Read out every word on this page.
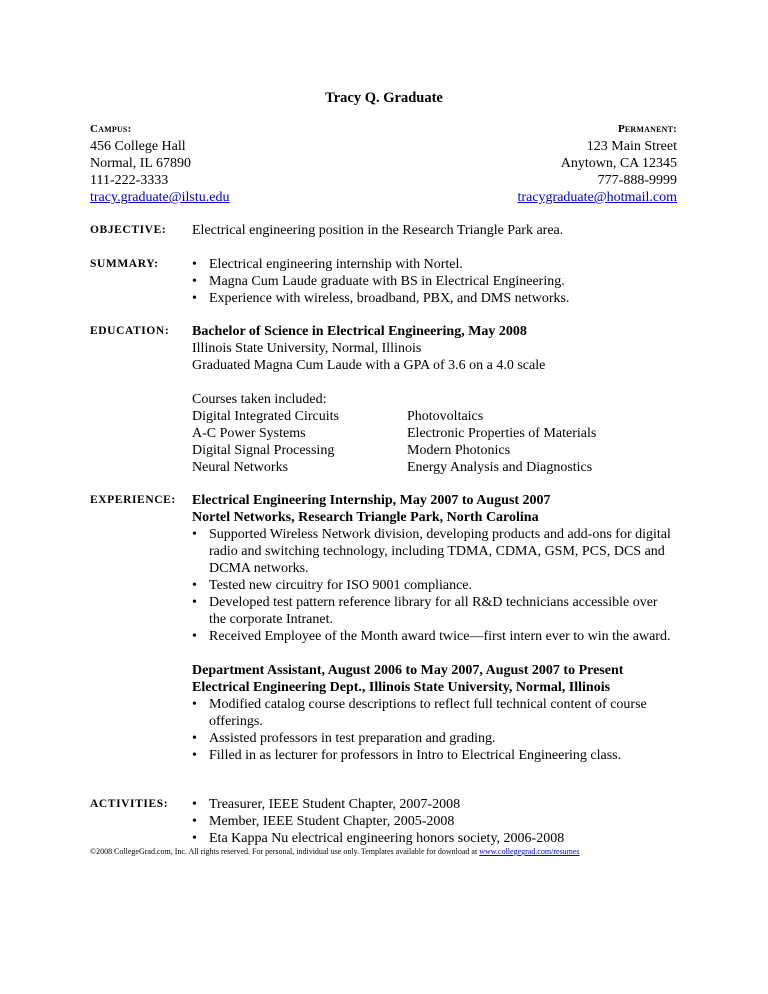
Tracy Q. Graduate
Campus:
456 College Hall
Normal, IL 67890
111-222-3333
tracy.graduate@ilstu.edu
Permanent:
123 Main Street
Anytown, CA 12345
777-888-9999
tracygraduate@hotmail.com
OBJECTIVE: Electrical engineering position in the Research Triangle Park area.
SUMMARY:	• Electrical engineering internship with Nortel.
• Magna Cum Laude graduate with BS in Electrical Engineering.
• Experience with wireless, broadband, PBX, and DMS networks.
EDUCATION: Bachelor of Science in Electrical Engineering, May 2008
Illinois State University, Normal, Illinois
Graduated Magna Cum Laude with a GPA of 3.6 on a 4.0 scale
Courses taken included:
Digital Integrated Circuits
A-C Power Systems
Digital Signal Processing
Neural Networks
Photovoltaics
Electronic Properties of Materials
Modern Photonics
Energy Analysis and Diagnostics
EXPERIENCE: Electrical Engineering Internship, May 2007 to August 2007
Nortel Networks, Research Triangle Park, North Carolina
• Supported Wireless Network division, developing products and add-ons for digital radio and switching technology, including TDMA, CDMA, GSM, PCS, DCS and DCMA networks.
• Tested new circuitry for ISO 9001 compliance.
• Developed test pattern reference library for all R&D technicians accessible over the corporate Intranet.
• Received Employee of the Month award twice—first intern ever to win the award.
Department Assistant, August 2006 to May 2007, August 2007 to Present
Electrical Engineering Dept., Illinois State University, Normal, Illinois
• Modified catalog course descriptions to reflect full technical content of course offerings.
• Assisted professors in test preparation and grading.
• Filled in as lecturer for professors in Intro to Electrical Engineering class.
ACTIVITIES:	• Treasurer, IEEE Student Chapter, 2007-2008
• Member, IEEE Student Chapter, 2005-2008
• Eta Kappa Nu electrical engineering honors society, 2006-2008
©2008 CollegeGrad.com, Inc. All rights reserved. For personal, individual use only. Templates available for download at www.collegegrad.com/resumes
